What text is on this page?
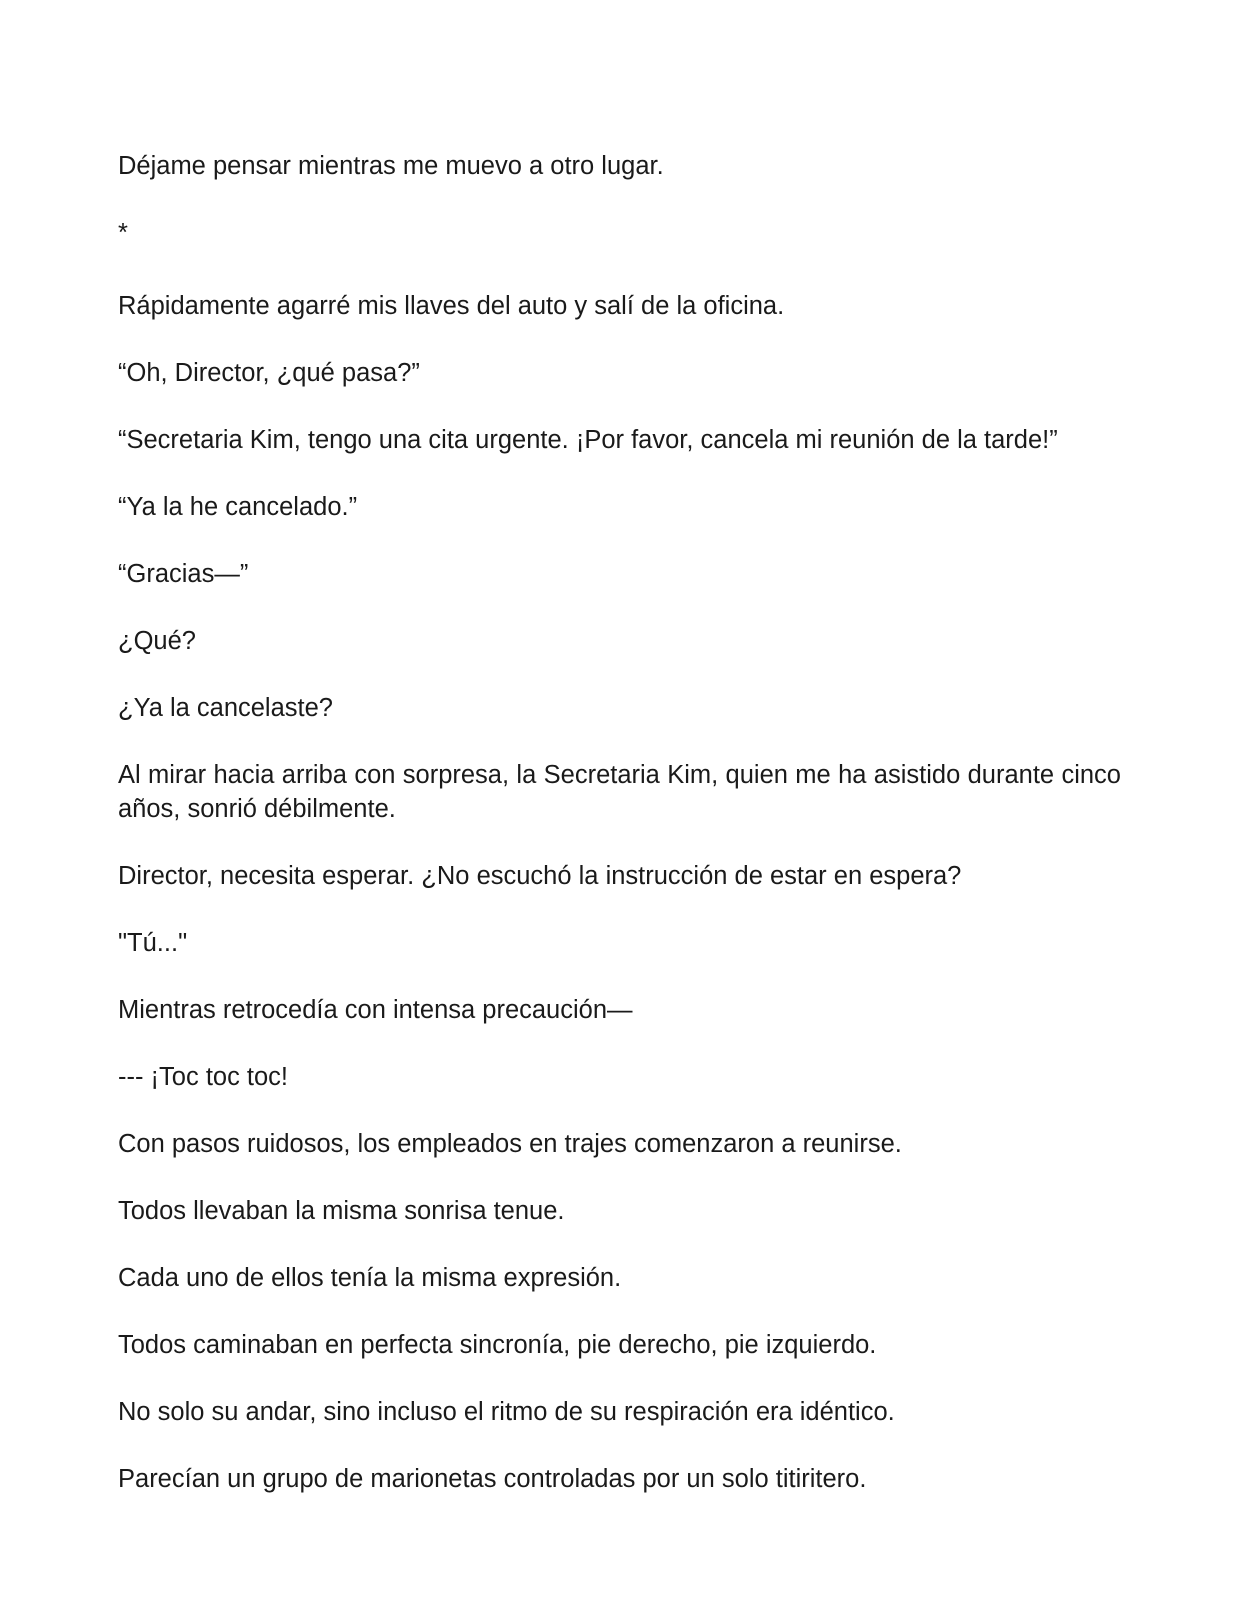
Déjame pensar mientras me muevo a otro lugar.

*

Rápidamente agarré mis llaves del auto y salí de la oficina.

“Oh, Director, ¿qué pasa?”

“Secretaria Kim, tengo una cita urgente. ¡Por favor, cancela mi reunión de la tarde!”

“Ya la he cancelado.”

“Gracias—”

¿Qué?

¿Ya la cancelaste?

Al mirar hacia arriba con sorpresa, la Secretaria Kim, quien me ha asistido durante cinco años, sonrió débilmente.

Director, necesita esperar. ¿No escuchó la instrucción de estar en espera?

"Tú..."

Mientras retrocedía con intensa precaución—

--- ¡Toc toc toc!

Con pasos ruidosos, los empleados en trajes comenzaron a reunirse.

Todos llevaban la misma sonrisa tenue.

Cada uno de ellos tenía la misma expresión.

Todos caminaban en perfecta sincronía, pie derecho, pie izquierdo.

No solo su andar, sino incluso el ritmo de su respiración era idéntico.

Parecían un grupo de marionetas controladas por un solo titiritero.
